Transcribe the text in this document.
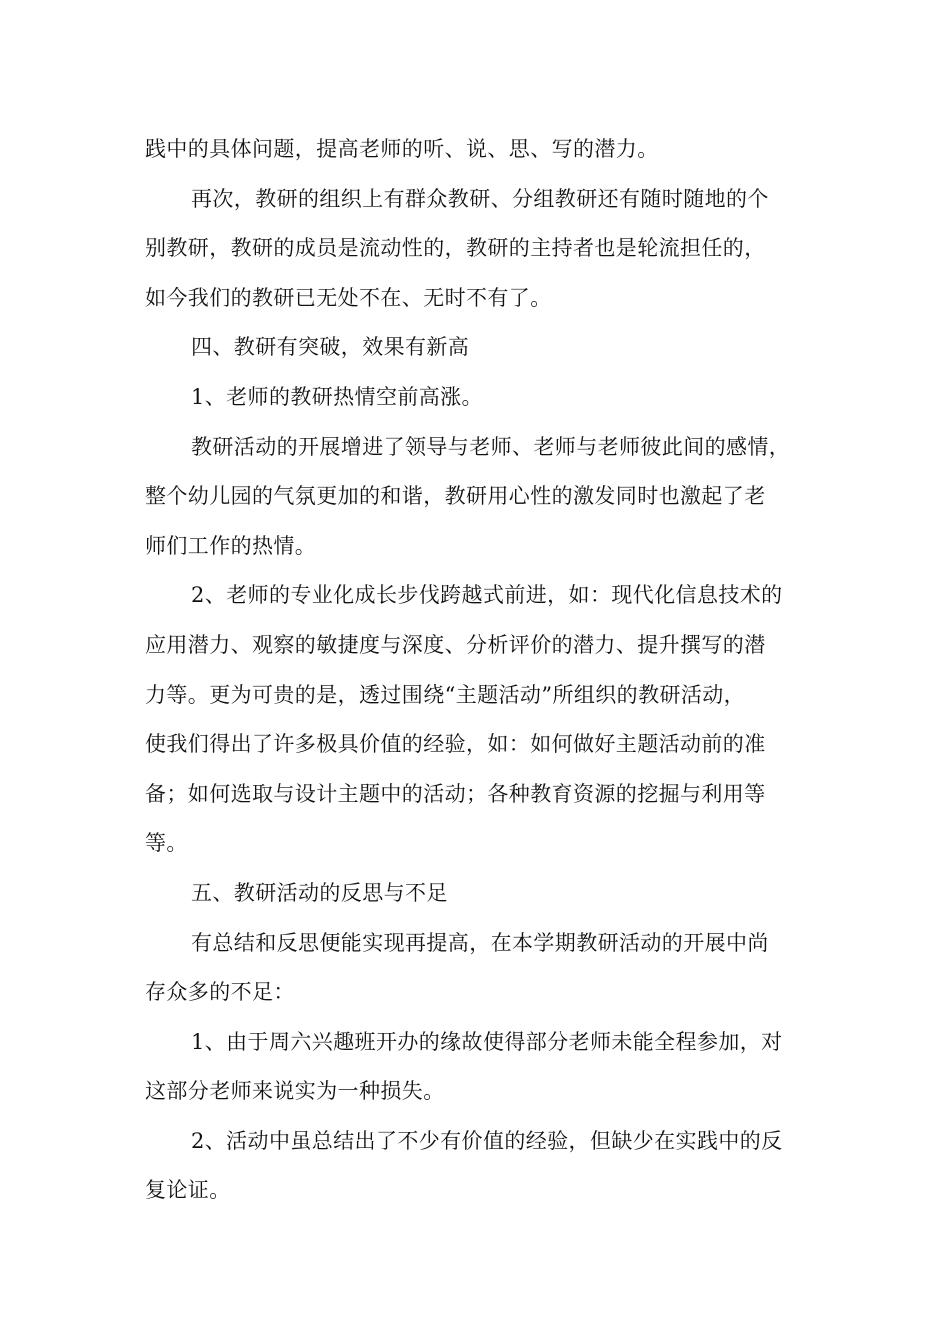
践中的具体问题，提高老师的听、说、思、写的潜力。
再次，教研的组织上有群众教研、分组教研还有随时随地的个
别教研，教研的成员是流动性的，教研的主持者也是轮流担任的，
如今我们的教研已无处不在、无时不有了。
四、教研有突破，效果有新高
1、老师的教研热情空前高涨。
教研活动的开展增进了领导与老师、老师与老师彼此间的感情，
整个幼儿园的气氛更加的和谐，教研用心性的激发同时也激起了老
师们工作的热情。
2、老师的专业化成长步伐跨越式前进，如：现代化信息技术的
应用潜力、观察的敏捷度与深度、分析评价的潜力、提升撰写的潜
力等。更为可贵的是，透过围绕“主题活动”所组织的教研活动，
使我们得出了许多极具价值的经验，如：如何做好主题活动前的准
备；如何选取与设计主题中的活动；各种教育资源的挖掘与利用等
等。
五、教研活动的反思与不足
有总结和反思便能实现再提高，在本学期教研活动的开展中尚
存众多的不足：
1、由于周六兴趣班开办的缘故使得部分老师未能全程参加，对
这部分老师来说实为一种损失。
2、活动中虽总结出了不少有价值的经验，但缺少在实践中的反
复论证。
